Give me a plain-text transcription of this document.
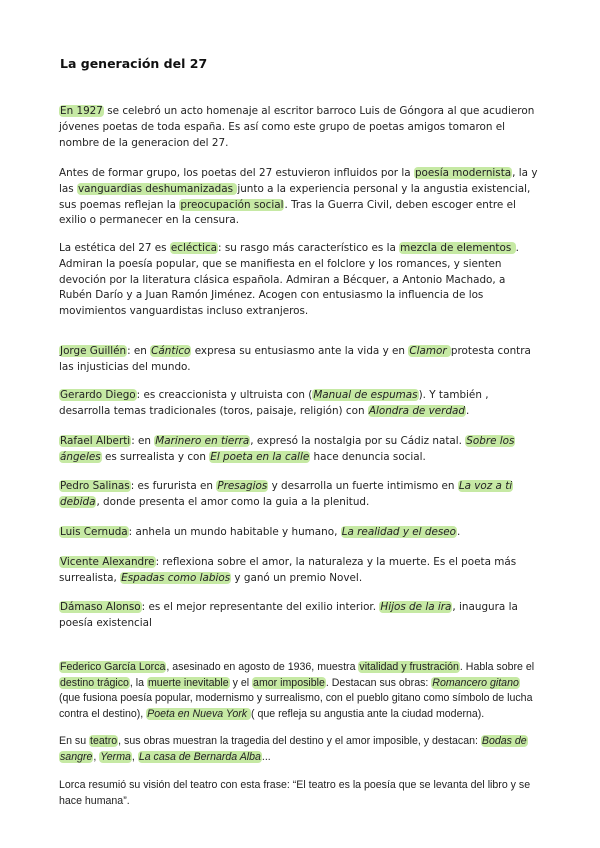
La generación del 27

En 1927 se celebró un acto homenaje al escritor barroco Luis de Góngora al que acudieron jóvenes poetas de toda españa. Es así como este grupo de poetas amigos tomaron el nombre de la generacion del 27.

Antes de formar grupo, los poetas del 27 estuvieron influidos por la poesía modernista, la y las vanguardias deshumanizadas junto a la experiencia personal y la angustia existencial, sus poemas reflejan la preocupación social. Tras la Guerra Civil, deben escoger entre el exilio o permanecer en la censura.

La estética del 27 es ecléctica: su rasgo más característico es la mezcla de elementos . Admiran la poesía popular, que se manifiesta en el folclore y los romances, y sienten devoción por la literatura clásica española. Admiran a Bécquer, a Antonio Machado, a Rubén Darío y a Juan Ramón Jiménez. Acogen con entusiasmo la influencia de los movimientos vanguardistas incluso extranjeros.

Jorge Guillén: en Cántico expresa su entusiasmo ante la vida y en Clamor protesta contra las injusticias del mundo.

Gerardo Diego: es creaccionista y ultruista con (Manual de espumas). Y también , desarrolla temas tradicionales (toros, paisaje, religión) con Alondra de verdad.

Rafael Alberti: en Marinero en tierra, expresó la nostalgia por su Cádiz natal. Sobre los ángeles es surrealista y con El poeta en la calle hace denuncia social.

Pedro Salinas: es fururista en Presagios y desarrolla un fuerte intimismo en La voz a ti debida, donde presenta el amor como la guia a la plenitud.

Luis Cernuda: anhela un mundo habitable y humano, La realidad y el deseo.

Vicente Alexandre: reflexiona sobre el amor, la naturaleza y la muerte. Es el poeta más surrealista, Espadas como labios y ganó un premio Novel.

Dámaso Alonso: es el mejor representante del exilio interior. Hijos de la ira, inaugura la poesía existencial

Federico García Lorca, asesinado en agosto de 1936, muestra vitalidad y frustración. Habla sobre el destino trágico, la muerte inevitable y el amor imposible. Destacan sus obras: Romancero gitano (que fusiona poesía popular, modernismo y surrealismo, con el pueblo gitano como símbolo de lucha contra el destino), Poeta en Nueva York ( que refleja su angustia ante la ciudad moderna).

En su teatro, sus obras muestran la tragedia del destino y el amor imposible, y destacan: Bodas de sangre, Yerma, La casa de Bernarda Alba...

Lorca resumió su visión del teatro con esta frase: “El teatro es la poesía que se levanta del libro y se hace humana”.
